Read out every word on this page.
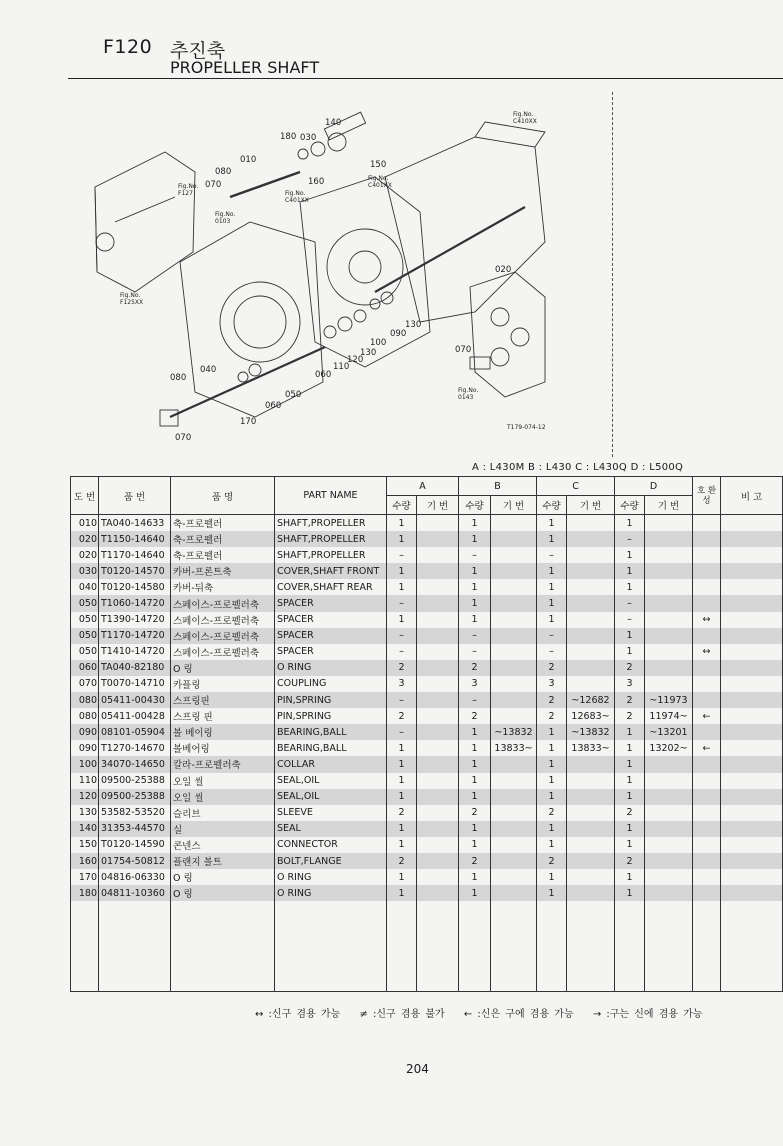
F120 추진축
PROPELLER SHAFT
030
140
180
010
080
070
150
160
020
130
090
100
130
120
110
060
050
060
040
080
070
170
070
Fig.No.
C410XX
Fig.No.
F127	Fig.No.
C401XX
Fig.No.
C401XX
Fig.No.
0103
Fig.No.
F125XX
Fig.No.
0143
T179-074-12
A : L430M B : L430 C : L430Q D : L500Q
도 번	품 번	품 명	PART NAME	A		B		C		D		호 환 성	비 고
				수량	기 번	수량	기 번	수량	기 번	수량	기 번		
010	TA040-14633	축-프로펠러	SHAFT,PROPELLER	1		1		1		1			
020	T1150-14640	축-프로펠러	SHAFT,PROPELLER	1		1		1		–			
020	T1170-14640	축-프로펠러	SHAFT,PROPELLER	–		–		–		1			
030	T0120-14570	카버-프론트축	COVER,SHAFT FRONT	1		1		1		1			
040	T0120-14580	카버-뒤축	COVER,SHAFT REAR	1		1		1		1			
050	T1060-14720	스페이스-프로펠러축	SPACER	–		1		1		–			
050	T1390-14720	스페이스-프로펠러축	SPACER	1		1		1		–		↔	
050	T1170-14720	스페이스-프로펠러축	SPACER	–		–		–		1			
050	T1410-14720	스페이스-프로펠러축	SPACER	–		–		–		1		↔	
060	TA040-82180	O 링	O RING	2		2		2		2			
070	T0070-14710	카플링	COUPLING	3		3		3		3			
080	05411-00430	스프링핀	PIN,SPRING	–		–		2	~12682	2	~11973		
080	05411-00428	스프링 핀	PIN,SPRING	2		2		2	12683~	2	11974~	←	
090	08101-05904	볼 베이링	BEARING,BALL	–		1	~13832	1	~13832	1	~13201		
090	T1270-14670	볼베어링	BEARING,BALL	1		1	13833~	1	13833~	1	13202~	←	
100	34070-14650	칼라-프로펠러축	COLLAR	1		1		1		1			
110	09500-25388	오일 씰	SEAL,OIL	1		1		1		1			
120	09500-25388	오일 씰	SEAL,OIL	1		1		1		1			
130	53582-53520	슬리브	SLEEVE	2		2		2		2			
140	31353-44570	실	SEAL	1		1		1		1			
150	T0120-14590	콘넨스	CONNECTOR	1		1		1		1			
160	01754-50812	플랜지 볼트	BOLT,FLANGE	2		2		2		2			
170	04816-06330	O 링	O RING	1		1		1		1			
180	04811-10360	O 링	O RING	1		1		1		1			

↔ :신구 겸용 가능 ≠ :신구 겸용 불가 ← :신은 구에 겸용 가능 → :구는 신에 겸용 가능
204
